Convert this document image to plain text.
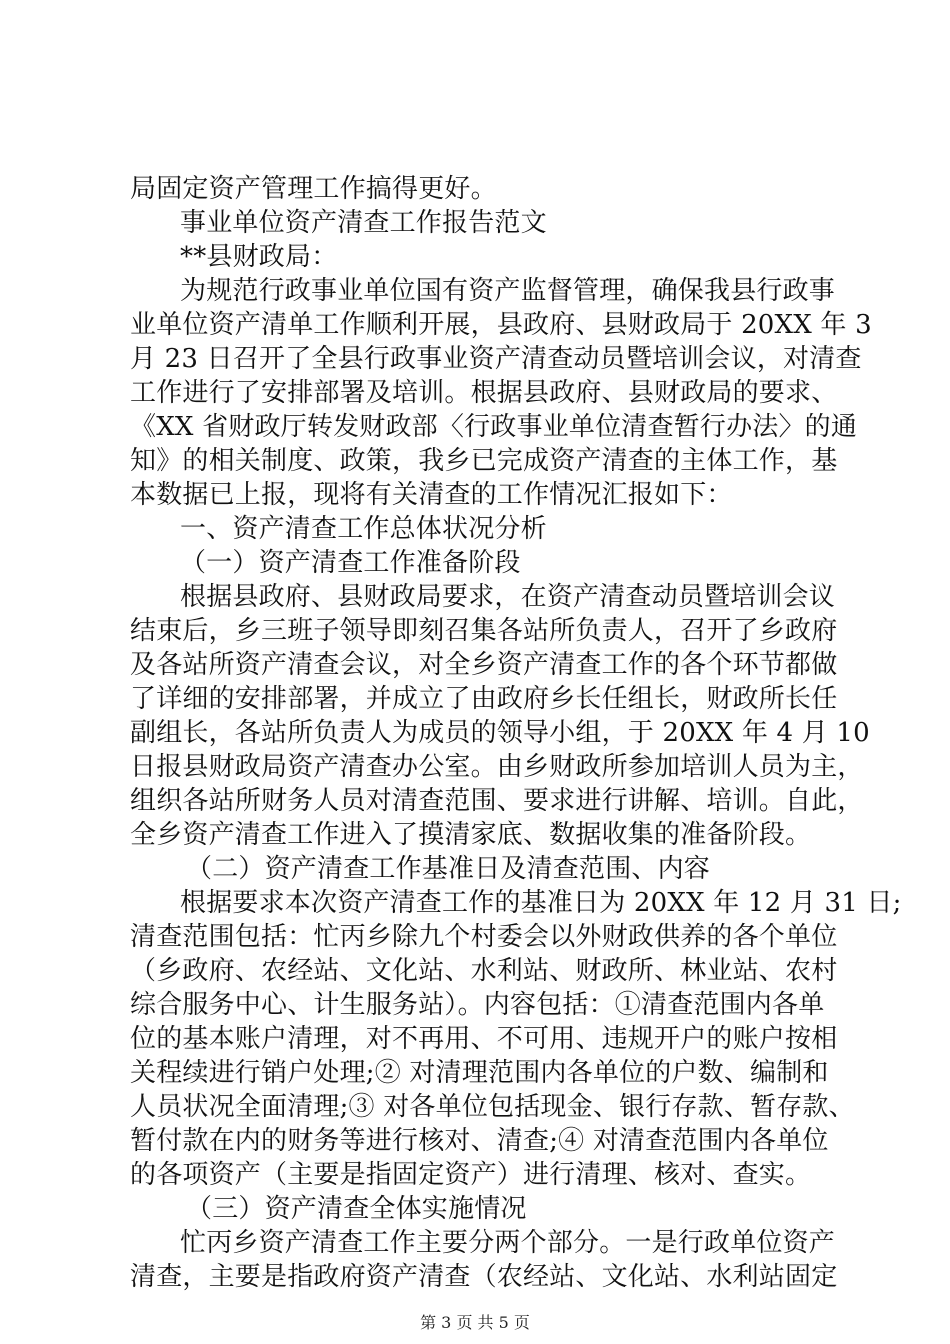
局固定资产管理工作搞得更好。
事业单位资产清查工作报告范文
**县财政局：
为规范行政事业单位国有资产监督管理，确保我县行政事
业单位资产清单工作顺利开展，县政府、县财政局于 20XX 年 3
月 23 日召开了全县行政事业资产清查动员暨培训会议，对清查
工作进行了安排部署及培训。根据县政府、县财政局的要求、
《XX 省财政厅转发财政部〈行政事业单位清查暂行办法〉的通
知》的相关制度、政策，我乡已完成资产清查的主体工作，基
本数据已上报，现将有关清查的工作情况汇报如下：
一、资产清查工作总体状况分析
（一）资产清查工作准备阶段
根据县政府、县财政局要求，在资产清查动员暨培训会议
结束后，乡三班子领导即刻召集各站所负责人，召开了乡政府
及各站所资产清查会议，对全乡资产清查工作的各个环节都做
了详细的安排部署，并成立了由政府乡长任组长，财政所长任
副组长，各站所负责人为成员的领导小组，于 20XX 年 4 月 10
日报县财政局资产清查办公室。由乡财政所参加培训人员为主，
组织各站所财务人员对清查范围、要求进行讲解、培训。自此，
全乡资产清查工作进入了摸清家底、数据收集的准备阶段。
（二）资产清查工作基准日及清查范围、内容
根据要求本次资产清查工作的基准日为 20XX 年 12 月 31 日;
清查范围包括：忙丙乡除九个村委会以外财政供养的各个单位
（乡政府、农经站、文化站、水利站、财政所、林业站、农村
综合服务中心、计生服务站）。内容包括：①清查范围内各单
位的基本账户清理，对不再用、不可用、违规开户的账户按相
关程续进行销户处理;② 对清理范围内各单位的户数、编制和
人员状况全面清理;③ 对各单位包括现金、银行存款、暂存款、
暂付款在内的财务等进行核对、清查;④ 对清查范围内各单位
的各项资产（主要是指固定资产）进行清理、核对、查实。
（三）资产清查全体实施情况
忙丙乡资产清查工作主要分两个部分。一是行政单位资产
清查，主要是指政府资产清查（农经站、文化站、水利站固定
第 3 页 共 5 页
